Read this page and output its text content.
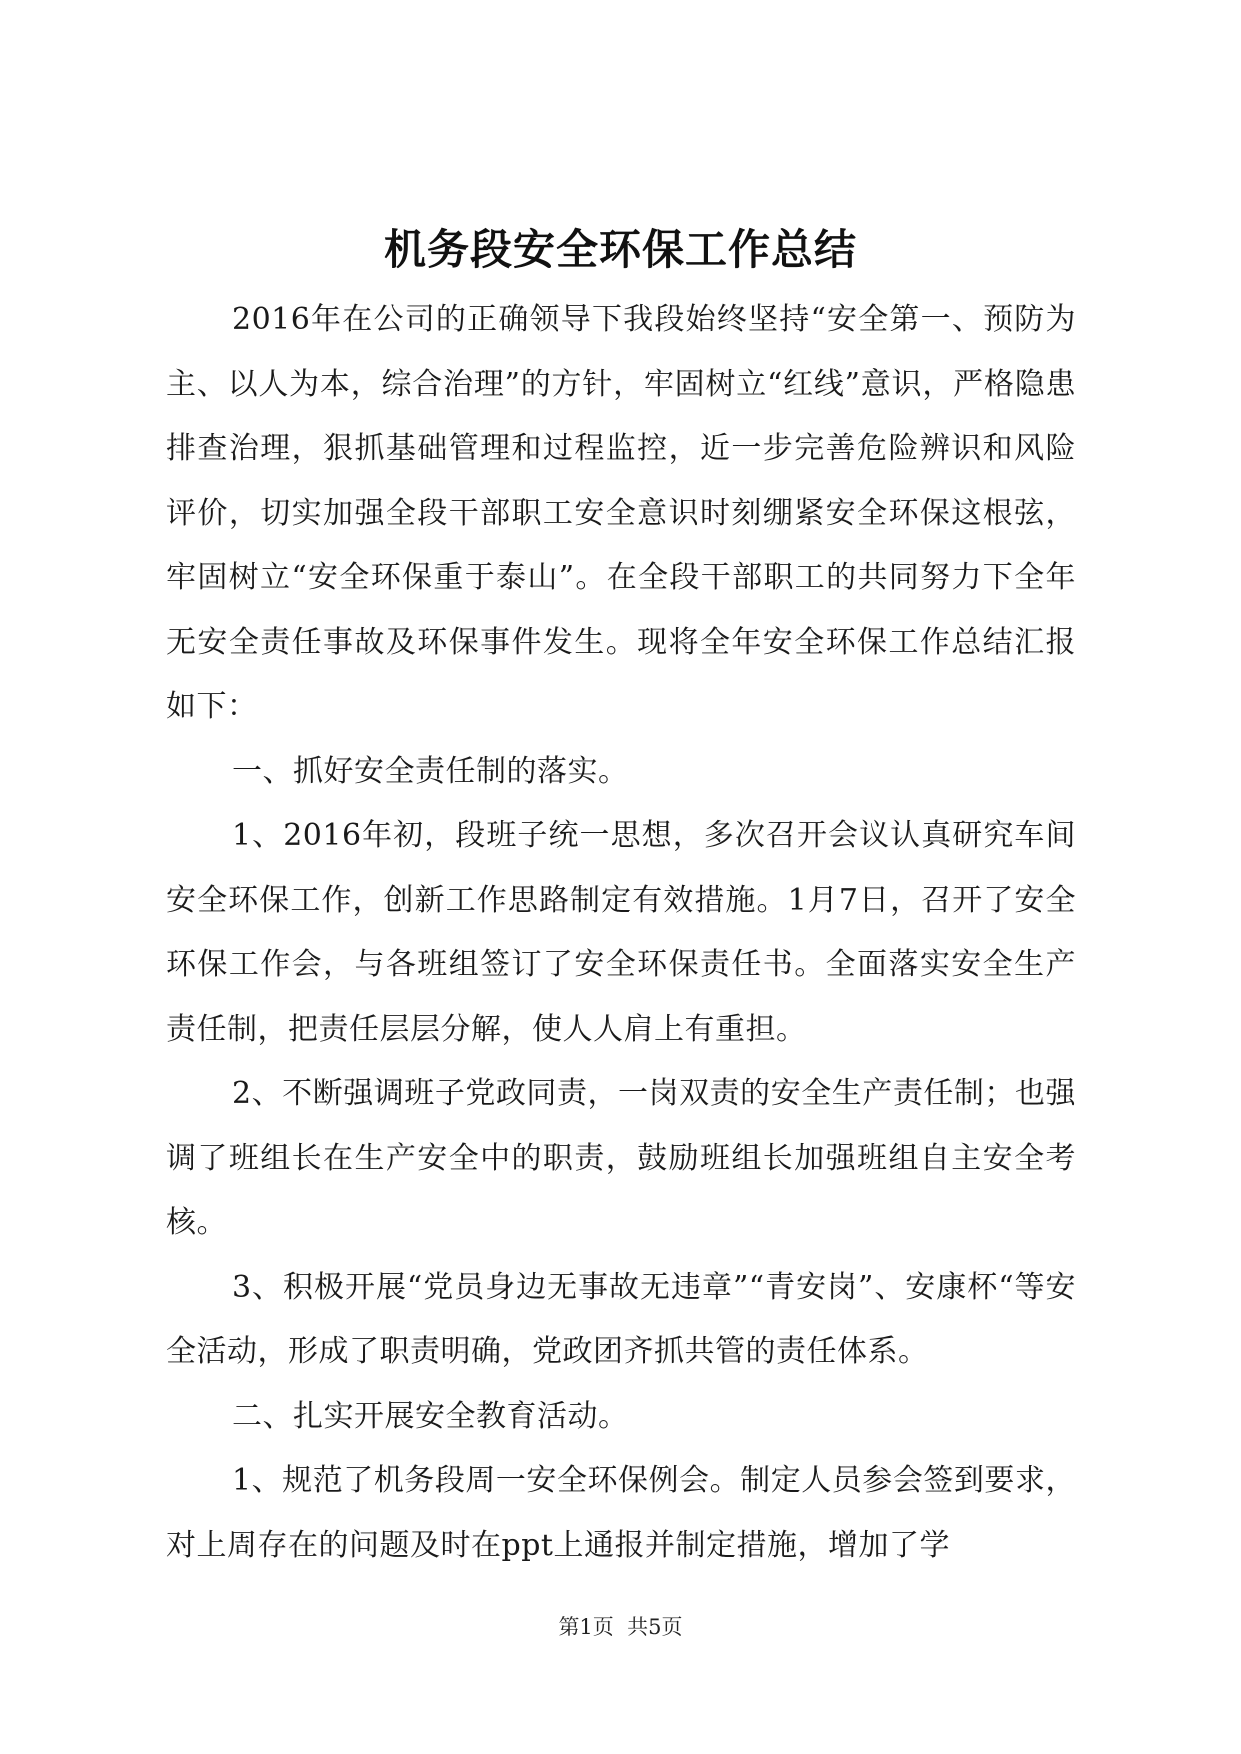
机务段安全环保工作总结

2016年在公司的正确领导下我段始终坚持“安全第一、预防为主、以人为本，综合治理”的方针，牢固树立“红线”意识，严格隐患排查治理，狠抓基础管理和过程监控，近一步完善危险辨识和风险评价，切实加强全段干部职工安全意识时刻绷紧安全环保这根弦，牢固树立“安全环保重于泰山”。在全段干部职工的共同努力下全年无安全责任事故及环保事件发生。现将全年安全环保工作总结汇报如下：

一、抓好安全责任制的落实。

1、2016年初，段班子统一思想，多次召开会议认真研究车间安全环保工作，创新工作思路制定有效措施。1月7日，召开了安全环保工作会，与各班组签订了安全环保责任书。全面落实安全生产责任制，把责任层层分解，使人人肩上有重担。

2、不断强调班子党政同责，一岗双责的安全生产责任制；也强调了班组长在生产安全中的职责，鼓励班组长加强班组自主安全考核。

3、积极开展“党员身边无事故无违章”“青安岗”、安康杯“等安全活动，形成了职责明确，党政团齐抓共管的责任体系。

二、扎实开展安全教育活动。

1、规范了机务段周一安全环保例会。制定人员参会签到要求，对上周存在的问题及时在ppt上通报并制定措施，增加了学

第1页 共5页
